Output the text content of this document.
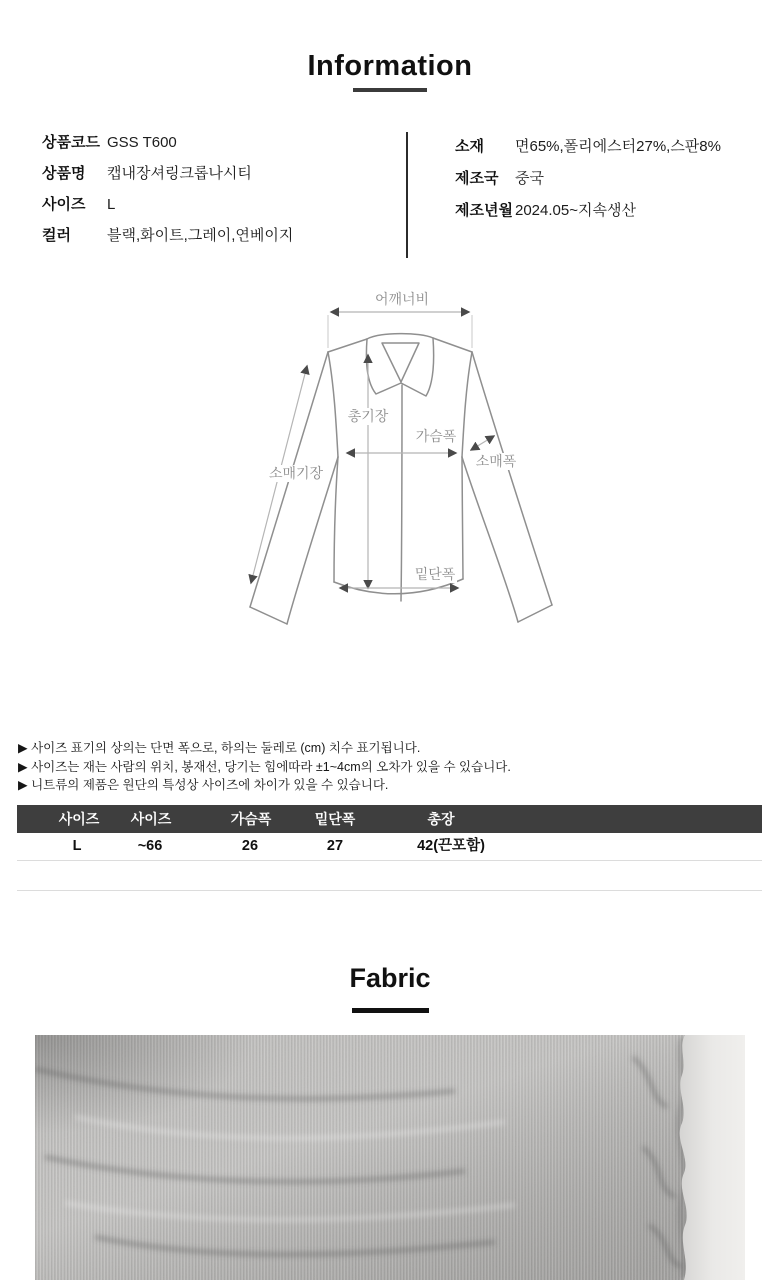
Information
상품코드 GSS T600
상품명	캡내장셔링크롭나시티
사이즈	L
컬러	블랙,화이트,그레이,연베이지
소재	면65%,폴리에스터27%,스판8%
제조국	중국
제조년월 2024.05~지속생산
어깨너비
총기장
가슴폭
소매폭
소매기장
밑단폭
▶ 사이즈 표기의 상의는 단면 폭으로, 하의는 둘레로 (cm) 치수 표기됩니다.
▶ 사이즈는 재는 사람의 위치, 봉재선, 당기는 힘에따라 ±1~4cm의 오차가 있을 수 있습니다.
▶ 니트류의 제품은 원단의 특성상 사이즈에 차이가 있을 수 있습니다.
사이즈 사이즈	가슴폭	밑단폭	총장
L	~66	26	27	42(끈포함)
Fabric
